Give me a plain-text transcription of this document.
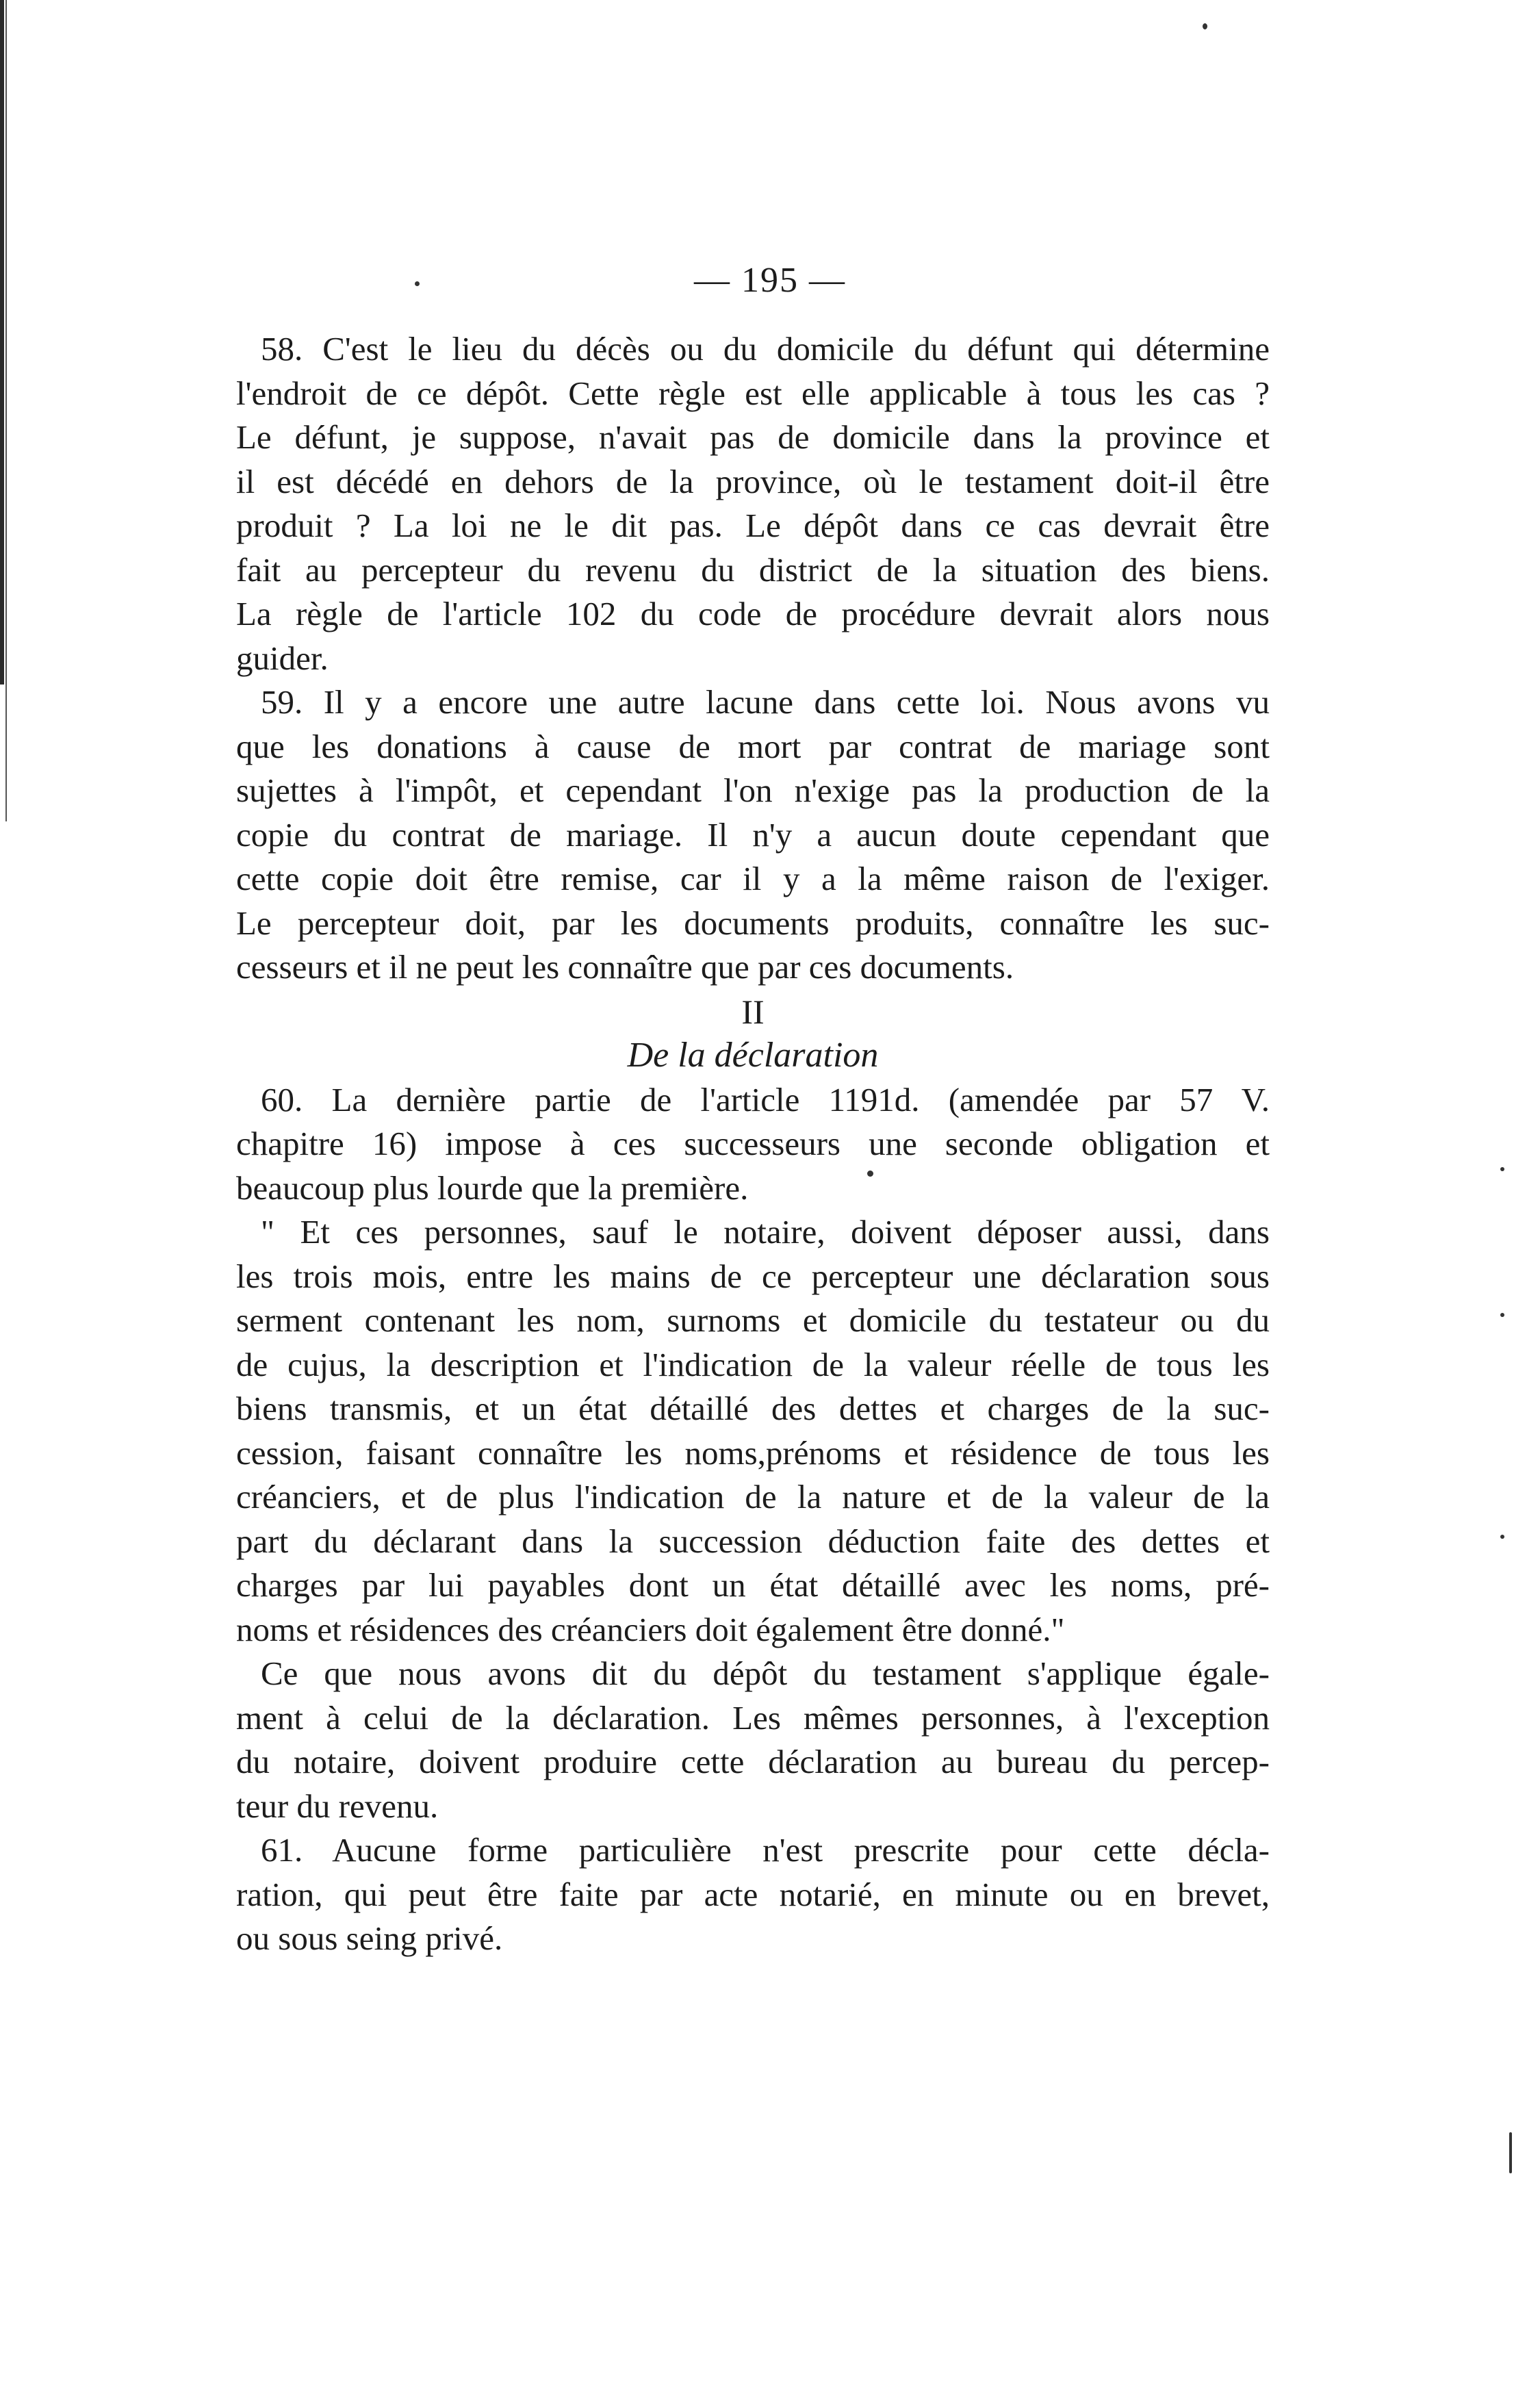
— 195 —
58. C'est le lieu du décès ou du domicile du défunt qui détermine
l'endroit de ce dépôt. Cette règle est elle applicable à tous les cas ?
Le défunt, je suppose, n'avait pas de domicile dans la province et
il est décédé en dehors de la province, où le testament doit-il être
produit ? La loi ne le dit pas. Le dépôt dans ce cas devrait être
fait au percepteur du revenu du district de la situation des biens.
La règle de l'article 102 du code de procédure devrait alors nous
guider.
59. Il y a encore une autre lacune dans cette loi. Nous avons vu
que les donations à cause de mort par contrat de mariage sont
sujettes à l'impôt, et cependant l'on n'exige pas la production de la
copie du contrat de mariage. Il n'y a aucun doute cependant que
cette copie doit être remise, car il y a la même raison de l'exiger.
Le percepteur doit, par les documents produits, connaître les suc-
cesseurs et il ne peut les connaître que par ces documents.
II
De la déclaration
60. La dernière partie de l'article 1191d. (amendée par 57 V.
chapitre 16) impose à ces successeurs une seconde obligation et
beaucoup plus lourde que la première.
" Et ces personnes, sauf le notaire, doivent déposer aussi, dans
les trois mois, entre les mains de ce percepteur une déclaration sous
serment contenant les nom, surnoms et domicile du testateur ou du
de cujus, la description et l'indication de la valeur réelle de tous les
biens transmis, et un état détaillé des dettes et charges de la suc-
cession, faisant connaître les noms,prénoms et résidence de tous les
créanciers, et de plus l'indication de la nature et de la valeur de la
part du déclarant dans la succession déduction faite des dettes et
charges par lui payables dont un état détaillé avec les noms, pré-
noms et résidences des créanciers doit également être donné."
Ce que nous avons dit du dépôt du testament s'applique égale-
ment à celui de la déclaration. Les mêmes personnes, à l'exception
du notaire, doivent produire cette déclaration au bureau du percep-
teur du revenu.
61. Aucune forme particulière n'est prescrite pour cette décla-
ration, qui peut être faite par acte notarié, en minute ou en brevet,
ou sous seing privé.
